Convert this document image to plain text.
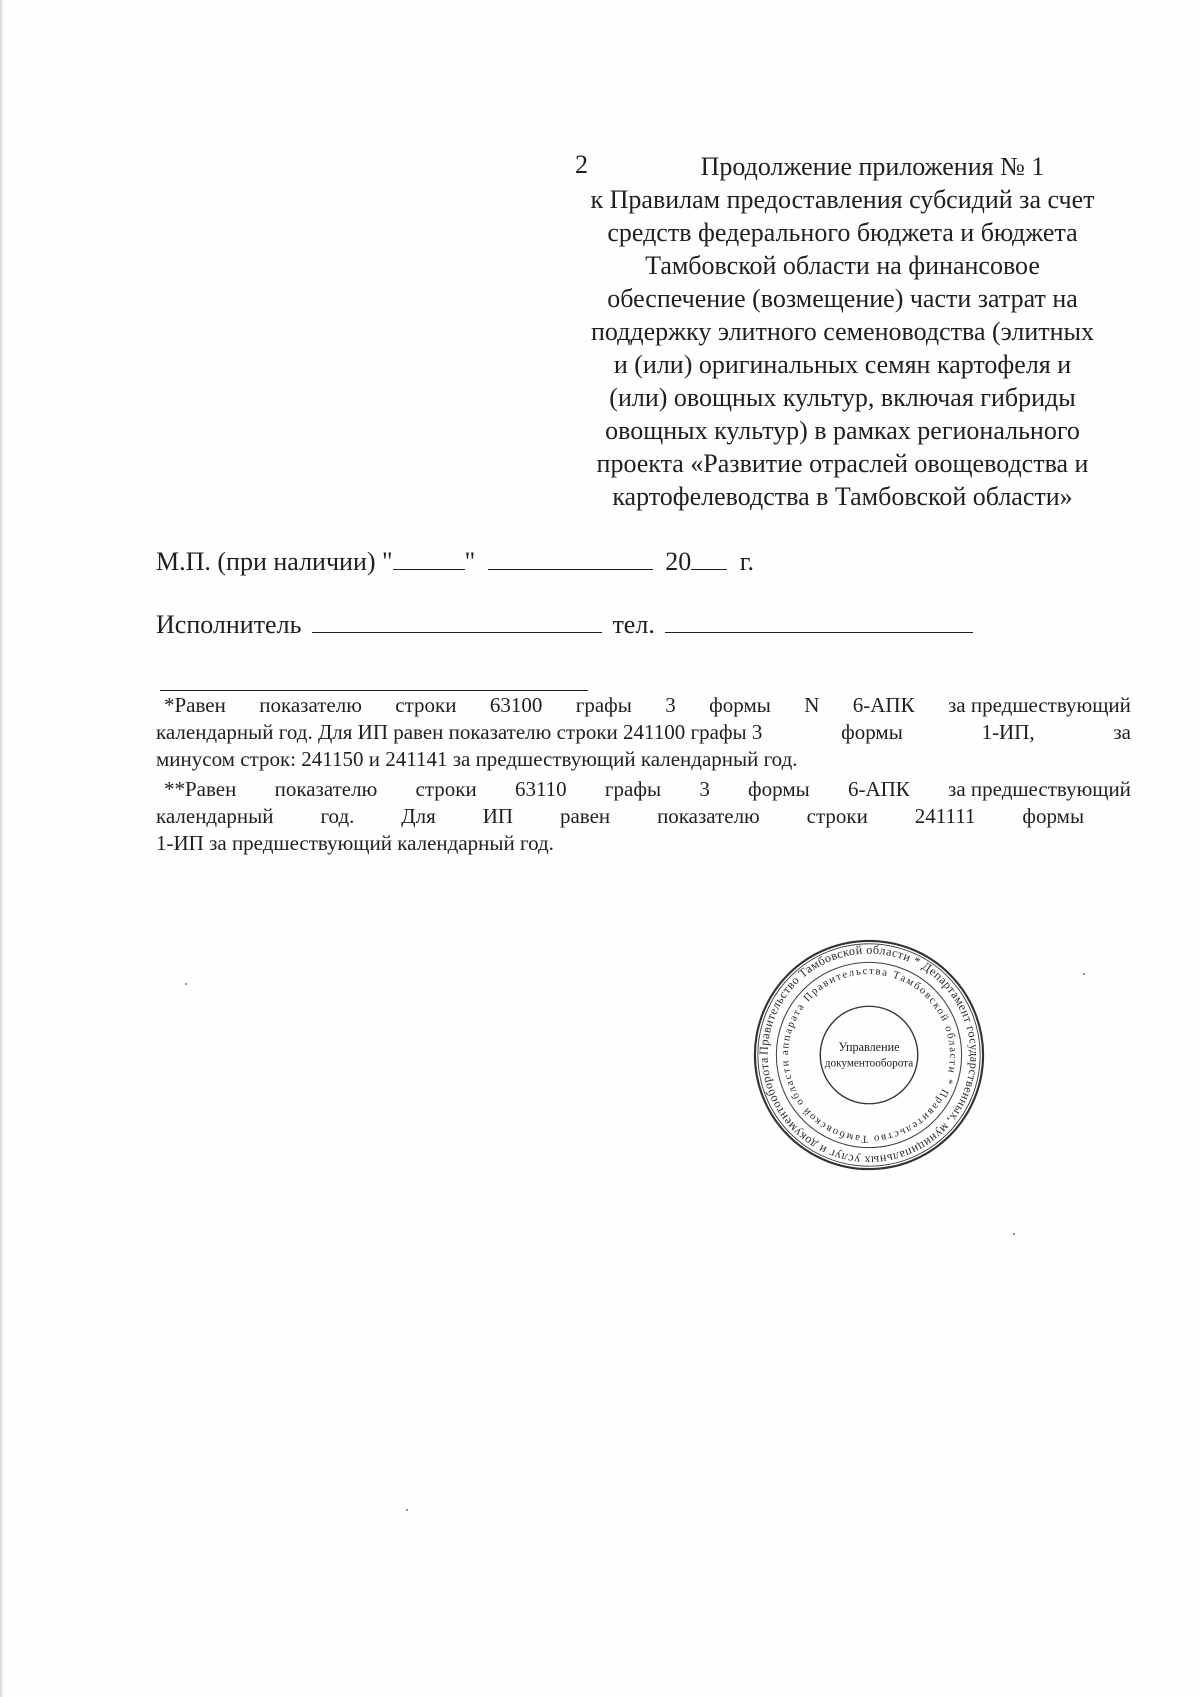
2	Продолжение приложения № 1
к Правилам предоставления субсидий за счет
средств федерального бюджета и бюджета
Тамбовской области на финансовое
обеспечение (возмещение) части затрат на
поддержку элитного семеноводства (элитных
и (или) оригинальных семян картофеля и
(или) овощных культур, включая гибриды
овощных культур) в рамках регионального
проекта «Развитие отраслей овощеводства и
картофелеводства в Тамбовской области»
М.П. (при наличии) "	"	20 г.
Исполнитель	тел.
*Равен показателю строки 63100 графы 3 формы N 6-АПК за предшествующий
календарный год. Для ИП равен показателю строки 241100 графы 3	формы	1-ИП,	за
минусом строк: 241150 и 241141 за предшествующий календарный год.
**Равен показателю строки 63110 графы 3 формы 6-АПК за предшествующий
календарный год. Для ИП равен показателю строки 241111 формы
1-ИП за предшествующий календарный год.
Правительство Тамбовской области * Департамент государственных, муниципальных услуг и документооборота
аппарата Правительства Тамбовской области * Правительство Тамбовской области
Управление
документооборота
